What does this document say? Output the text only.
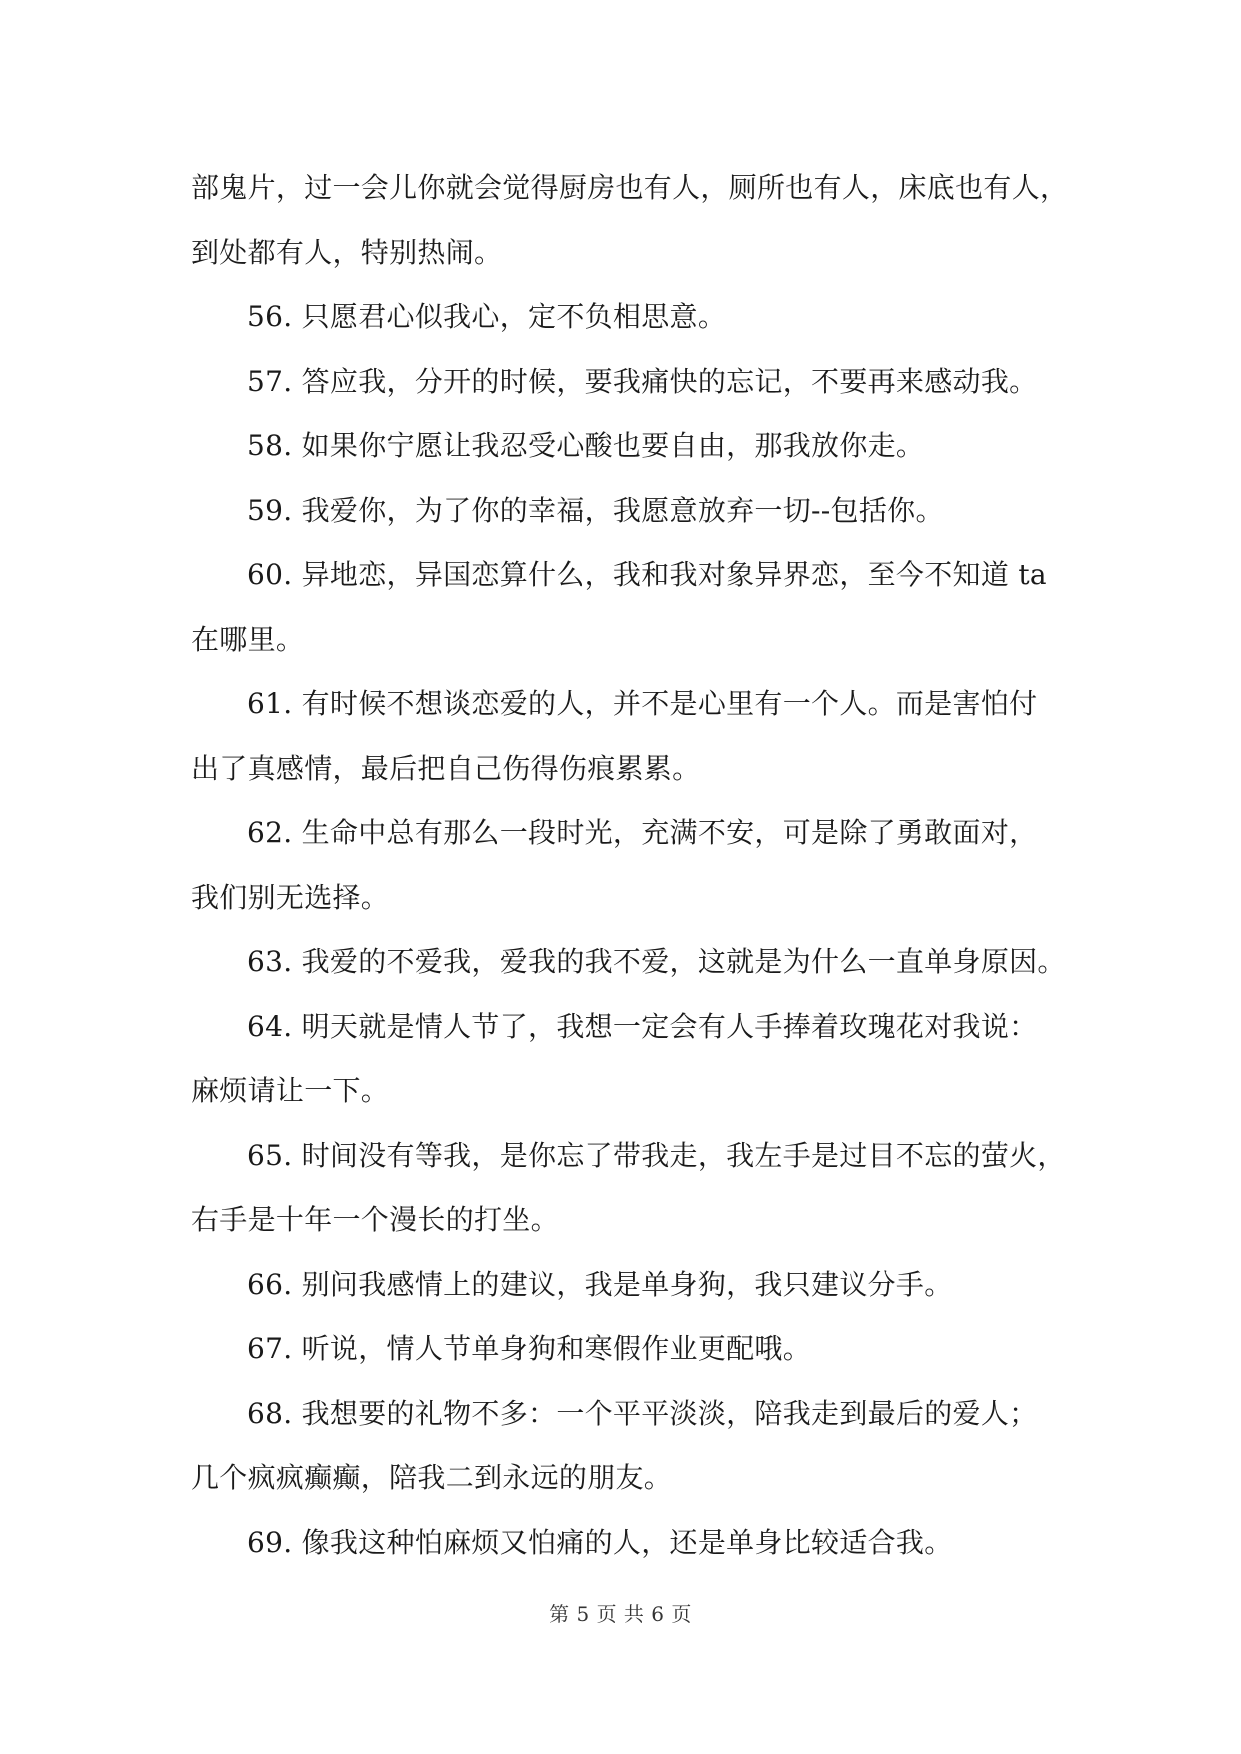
部鬼片，过一会儿你就会觉得厨房也有人，厕所也有人，床底也有人，
到处都有人，特别热闹。
56. 只愿君心似我心，定不负相思意。
57. 答应我，分开的时候，要我痛快的忘记，不要再来感动我。
58. 如果你宁愿让我忍受心酸也要自由，那我放你走。
59. 我爱你，为了你的幸福，我愿意放弃一切--包括你。
60. 异地恋，异国恋算什么，我和我对象异界恋，至今不知道 ta
在哪里。
61. 有时候不想谈恋爱的人，并不是心里有一个人。而是害怕付
出了真感情，最后把自己伤得伤痕累累。
62. 生命中总有那么一段时光，充满不安，可是除了勇敢面对，
我们别无选择。
63. 我爱的不爱我，爱我的我不爱，这就是为什么一直单身原因。
64. 明天就是情人节了，我想一定会有人手捧着玫瑰花对我说：
麻烦请让一下。
65. 时间没有等我，是你忘了带我走，我左手是过目不忘的萤火，
右手是十年一个漫长的打坐。
66. 别问我感情上的建议，我是单身狗，我只建议分手。
67. 听说，情人节单身狗和寒假作业更配哦。
68. 我想要的礼物不多：一个平平淡淡，陪我走到最后的爱人；
几个疯疯癫癫，陪我二到永远的朋友。
69. 像我这种怕麻烦又怕痛的人，还是单身比较适合我。
第 5 页 共 6 页
